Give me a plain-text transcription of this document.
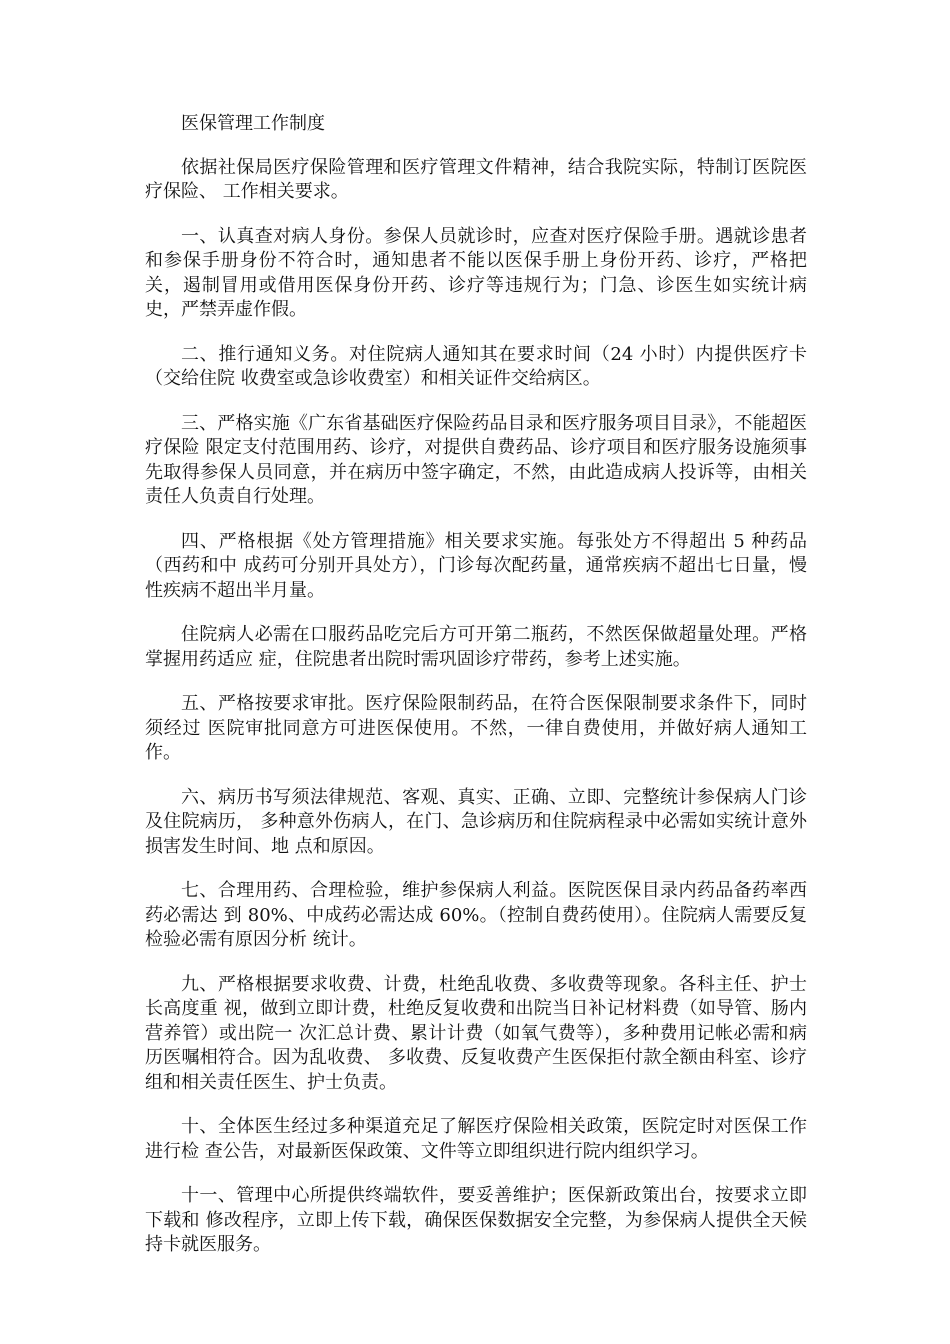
医保管理工作制度

依据社保局医疗保险管理和医疗管理文件精神，结合我院实际，特制订医院医疗保险、 工作相关要求。

一、认真查对病人身份。参保人员就诊时，应查对医疗保险手册。遇就诊患者和参保手册身份不符合时，通知患者不能以医保手册上身份开药、诊疗，严格把关，遏制冒用或借用医保身份开药、诊疗等违规行为；门急、诊医生如实统计病史，严禁弄虚作假。

二、推行通知义务。对住院病人通知其在要求时间（24 小时）内提供医疗卡（交给住院 收费室或急诊收费室）和相关证件交给病区。

三、严格实施《广东省基础医疗保险药品目录和医疗服务项目目录》，不能超医疗保险 限定支付范围用药、诊疗，对提供自费药品、诊疗项目和医疗服务设施须事先取得参保人员同意，并在病历中签字确定，不然，由此造成病人投诉等，由相关责任人负责自行处理。

四、严格根据《处方管理措施》相关要求实施。每张处方不得超出 5 种药品（西药和中 成药可分别开具处方），门诊每次配药量，通常疾病不超出七日量，慢性疾病不超出半月量。

住院病人必需在口服药品吃完后方可开第二瓶药，不然医保做超量处理。严格掌握用药适应 症，住院患者出院时需巩固诊疗带药，参考上述实施。

五、严格按要求审批。医疗保险限制药品，在符合医保限制要求条件下，同时须经过 医院审批同意方可进医保使用。不然，一律自费使用，并做好病人通知工作。

六、病历书写须法律规范、客观、真实、正确、立即、完整统计参保病人门诊及住院病历， 多种意外伤病人，在门、急诊病历和住院病程录中必需如实统计意外损害发生时间、地 点和原因。

七、合理用药、合理检验，维护参保病人利益。医院医保目录内药品备药率西药必需达 到 80%、中成药必需达成 60%。（控制自费药使用）。住院病人需要反复检验必需有原因分析 统计。

九、严格根据要求收费、计费，杜绝乱收费、多收费等现象。各科主任、护士长高度重 视，做到立即计费，杜绝反复收费和出院当日补记材料费（如导管、肠内营养管）或出院一 次汇总计费、累计计费（如氧气费等），多种费用记帐必需和病历医嘱相符合。因为乱收费、 多收费、反复收费产生医保拒付款全额由科室、诊疗组和相关责任医生、护士负责。

十、全体医生经过多种渠道充足了解医疗保险相关政策，医院定时对医保工作进行检 查公告，对最新医保政策、文件等立即组织进行院内组织学习。

十一、管理中心所提供终端软件，要妥善维护；医保新政策出台，按要求立即下载和 修改程序，立即上传下载，确保医保数据安全完整，为参保病人提供全天候持卡就医服务。
